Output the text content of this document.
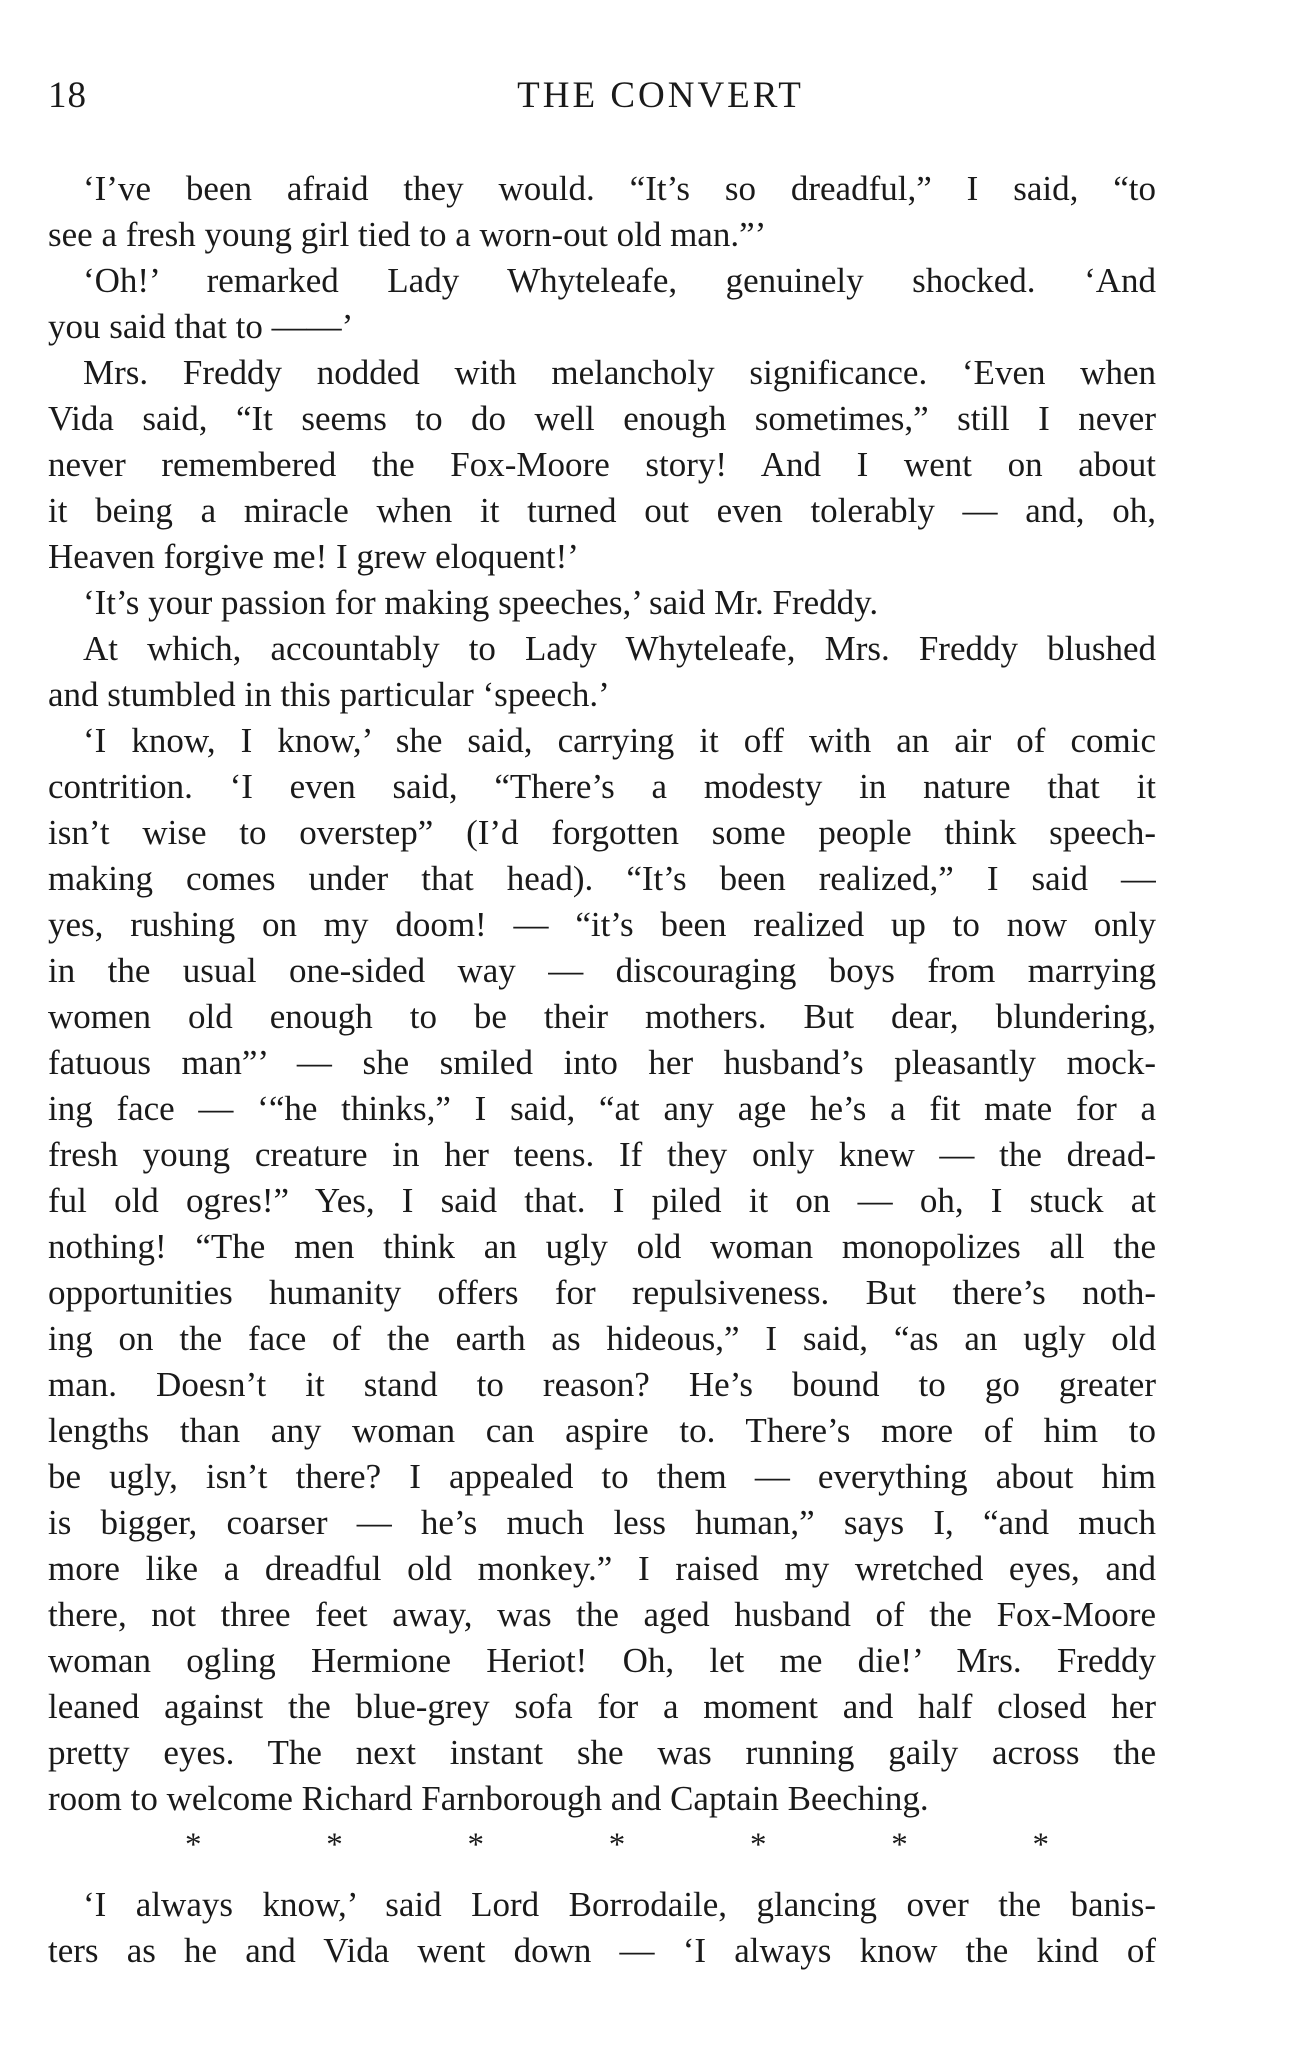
18	THE CONVERT
‘I’ve been afraid they would. “It’s so dreadful,” I said, “to
see a fresh young girl tied to a worn-out old man.”’
‘Oh!’ remarked Lady Whyteleafe, genuinely shocked. ‘And
you said that to ——’
Mrs. Freddy nodded with melancholy significance. ‘Even when
Vida said, “It seems to do well enough sometimes,” still I never
never remembered the Fox-Moore story! And I went on about
it being a miracle when it turned out even tolerably — and, oh,
Heaven forgive me! I grew eloquent!’
‘It’s your passion for making speeches,’ said Mr. Freddy.
At which, accountably to Lady Whyteleafe, Mrs. Freddy blushed
and stumbled in this particular ‘speech.’
‘I know, I know,’ she said, carrying it off with an air of comic
contrition. ‘I even said, “There’s a modesty in nature that it
isn’t wise to overstep” (I’d forgotten some people think speech-
making comes under that head). “It’s been realized,” I said —
yes, rushing on my doom! — “it’s been realized up to now only
in the usual one-sided way — discouraging boys from marrying
women old enough to be their mothers. But dear, blundering,
fatuous man”’ — she smiled into her husband’s pleasantly mock-
ing face — ‘“he thinks,” I said, “at any age he’s a fit mate for a
fresh young creature in her teens. If they only knew — the dread-
ful old ogres!” Yes, I said that. I piled it on — oh, I stuck at
nothing! “The men think an ugly old woman monopolizes all the
opportunities humanity offers for repulsiveness. But there’s noth-
ing on the face of the earth as hideous,” I said, “as an ugly old
man. Doesn’t it stand to reason? He’s bound to go greater
lengths than any woman can aspire to. There’s more of him to
be ugly, isn’t there? I appealed to them — everything about him
is bigger, coarser — he’s much less human,” says I, “and much
more like a dreadful old monkey.” I raised my wretched eyes, and
there, not three feet away, was the aged husband of the Fox-Moore
woman ogling Hermione Heriot! Oh, let me die!’ Mrs. Freddy
leaned against the blue-grey sofa for a moment and half closed her
pretty eyes. The next instant she was running gaily across the
room to welcome Richard Farnborough and Captain Beeching.
*	*	*	*	*	*	*
‘I always know,’ said Lord Borrodaile, glancing over the banis-
ters as he and Vida went down — ‘I always know the kind of
